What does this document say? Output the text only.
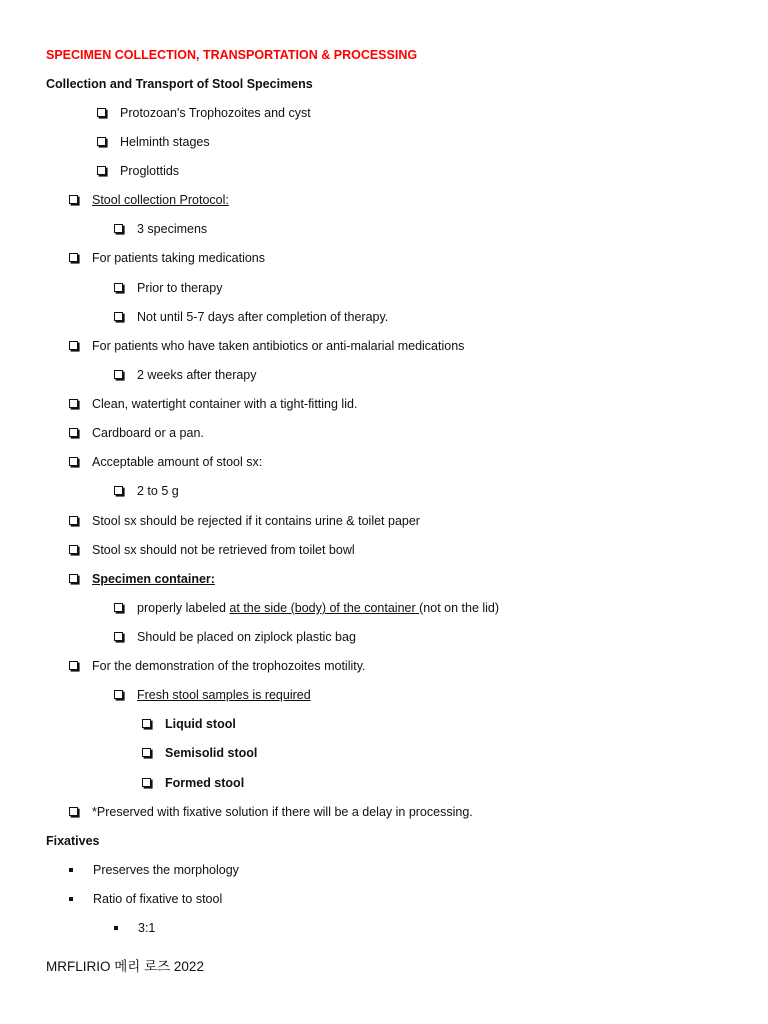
SPECIMEN COLLECTION, TRANSPORTATION & PROCESSING
Collection and Transport of Stool Specimens
Protozoan's Trophozoites and cyst
Helminth stages
Proglottids
Stool collection Protocol:
3 specimens
For patients taking medications
Prior to therapy
Not until 5-7 days after completion of therapy.
For patients who have taken antibiotics or anti-malarial medications
2 weeks after therapy
Clean, watertight container with a tight-fitting lid.
Cardboard or a pan.
Acceptable amount of stool sx:
2 to 5 g
Stool sx should be rejected if it contains urine & toilet paper
Stool sx should not be retrieved from toilet bowl
Specimen container:
properly labeled at the side (body) of the container (not on the lid)
Should be placed on ziplock plastic bag
For the demonstration of the trophozoites motility.
Fresh stool samples is required
Liquid stool
Semisolid stool
Formed stool
*Preserved with fixative solution if there will be a delay in processing.
Fixatives
Preserves the morphology
Ratio of fixative to stool
3:1
MRFLIRIO 메리 로즈 2022
